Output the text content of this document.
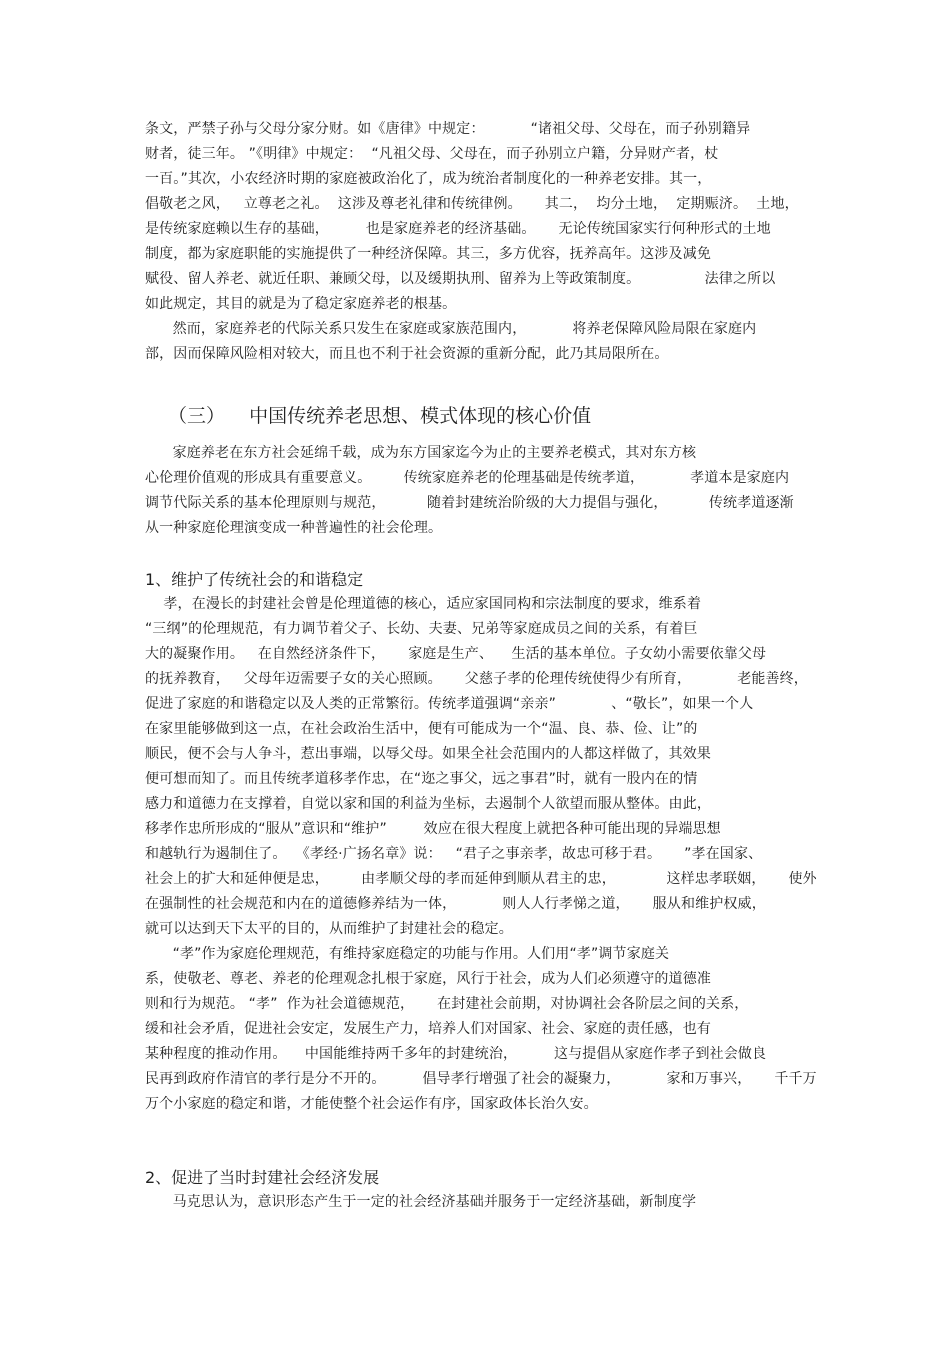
条文，严禁子孙与父母分家分财。如《唐律》中规定：          “诸祖父母、父母在，而子孙别籍异
财者，徒三年。 ”《明律》中规定：  “凡祖父母、父母在，而子孙别立户籍，分异财产者，杖
一百。”其次，小农经济时期的家庭被政治化了，成为统治者制度化的一种养老安排。其一，
倡敬老之风，   立尊老之礼。  这涉及尊老礼律和传统律例。     其二，  均分土地，  定期赈济。  土地，
是传统家庭赖以生存的基础，        也是家庭养老的经济基础。     无论传统国家实行何种形式的土地
制度，都为家庭职能的实施提供了一种经济保障。其三，多方优容，抚养高年。这涉及减免
赋役、留人养老、就近任职、兼顾父母，以及缓期执刑、留养为上等政策制度。              法律之所以
如此规定，其目的就是为了稳定家庭养老的根基。
然而，家庭养老的代际关系只发生在家庭或家族范围内，          将养老保障风险局限在家庭内
部，因而保障风险相对较大，而且也不利于社会资源的重新分配，此乃其局限所在。
（三）    中国传统养老思想、模式体现的核心价值
家庭养老在东方社会延绵千载，成为东方国家迄今为止的主要养老模式，其对东方核
心伦理价值观的形成具有重要意义。       传统家庭养老的伦理基础是传统孝道，          孝道本是家庭内
调节代际关系的基本伦理原则与规范，         随着封建统治阶级的大力提倡与强化，         传统孝道逐渐
从一种家庭伦理演变成一种普遍性的社会伦理。
1、维护了传统社会的和谐稳定
孝，在漫长的封建社会曾是伦理道德的核心，适应家国同构和宗法制度的要求，维系着
“三纲”的伦理规范，有力调节着父子、长幼、夫妻、兄弟等家庭成员之间的关系，有着巨
大的凝聚作用。   在自然经济条件下，     家庭是生产、    生活的基本单位。子女幼小需要依靠父母
的抚养教育，   父母年迈需要子女的关心照顾。     父慈子孝的伦理传统使得少有所育，          老能善终，
促进了家庭的和谐稳定以及人类的正常繁衍。传统孝道强调“亲亲”            、“敬长”，如果一个人
在家里能够做到这一点，在社会政治生活中，便有可能成为一个“温、良、恭、俭、让”的
顺民，便不会与人争斗，惹出事端，以辱父母。如果全社会范围内的人都这样做了，其效果
便可想而知了。而且传统孝道移孝作忠，在“迩之事父，远之事君”时，就有一股内在的情
感力和道德力在支撑着，自觉以家和国的利益为坐标，去遏制个人欲望而服从整体。由此，
移孝作忠所形成的“服从”意识和“维护”        效应在很大程度上就把各种可能出现的异端思想
和越轨行为遏制住了。  《孝经·广扬名章》说：   “君子之事亲孝，故忠可移于君。     ”孝在国家、
社会上的扩大和延伸便是忠，       由孝顺父母的孝而延伸到顺从君主的忠，           这样忠孝联姻，     使外
在强制性的社会规范和内在的道德修养结为一体，          则人人行孝悌之道，     服从和维护权威，
就可以达到天下太平的目的，从而维护了封建社会的稳定。
“孝”作为家庭伦理规范，有维持家庭稳定的功能与作用。人们用“孝”调节家庭关
系，使敬老、尊老、养老的伦理观念扎根于家庭，风行于社会，成为人们必须遵守的道德准
则和行为规范。 “孝”  作为社会道德规范，     在封建社会前期，对协调社会各阶层之间的关系，
缓和社会矛盾，促进社会安定，发展生产力，培养人们对国家、社会、家庭的责任感，也有
某种程度的推动作用。    中国能维持两千多年的封建统治，        这与提倡从家庭作孝子到社会做良
民再到政府作清官的孝行是分不开的。        倡导孝行增强了社会的凝聚力，          家和万事兴，     千千万
万个小家庭的稳定和谐，才能使整个社会运作有序，国家政体长治久安。
2、促进了当时封建社会经济发展
马克思认为，意识形态产生于一定的社会经济基础并服务于一定经济基础，新制度学
